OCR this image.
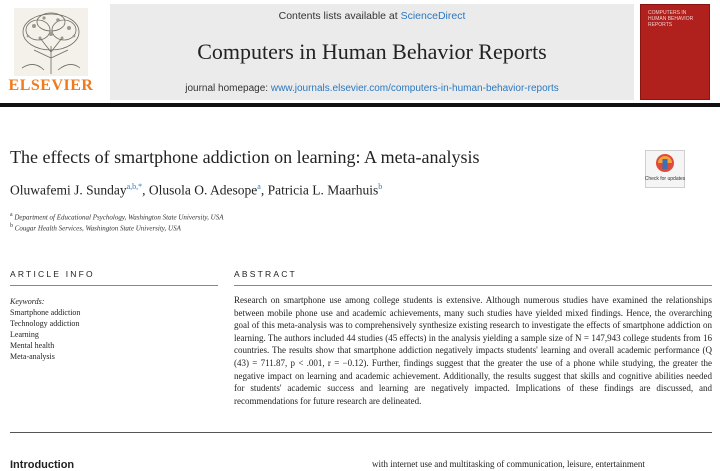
ELSEVIER
Contents lists available at ScienceDirect
Computers in Human Behavior Reports
journal homepage: www.journals.elsevier.com/computers-in-human-behavior-reports
COMPUTERS IN HUMAN BEHAVIOR REPORTS
The effects of smartphone addiction on learning: A meta-analysis
Check for updates
Oluwafemi J. Sunday$^{a,b,*}$, Olusola O. Adesope$^a$, Patricia L. Maarhuis$^b$
$^a$ Department of Educational Psychology, Washington State University, USA
$^b$ Cougar Health Services, Washington State University, USA
ARTICLE INFO	ABSTRACT
Keywords:
Smartphone addiction
Technology addiction
Learning
Mental health
Meta-analysis
Research on smartphone use among college students is extensive. Although numerous studies have examined the relationships between mobile phone use and academic achievements, many such studies have yielded mixed findings. Hence, the overarching goal of this meta-analysis was to comprehensively synthesize existing research to investigate the effects of smartphone addiction on learning. The authors included 44 studies (45 effects) in the analysis yielding a sample size of N = 147,943 college students from 16 countries. The results show that smartphone addiction negatively impacts students' learning and overall academic performance (Q (43) = 711.87, p < .001, r = −0.12). Further, findings suggest that the greater the use of a phone while studying, the greater the negative impact on learning and academic achievement. Additionally, the results suggest that skills and cognitive abilities needed for students' academic success and learning are negatively impacted. Implications of these findings are discussed, and recommendations for future research are delineated.
Introduction	with internet use and multitasking of communication, leisure, entertainment
